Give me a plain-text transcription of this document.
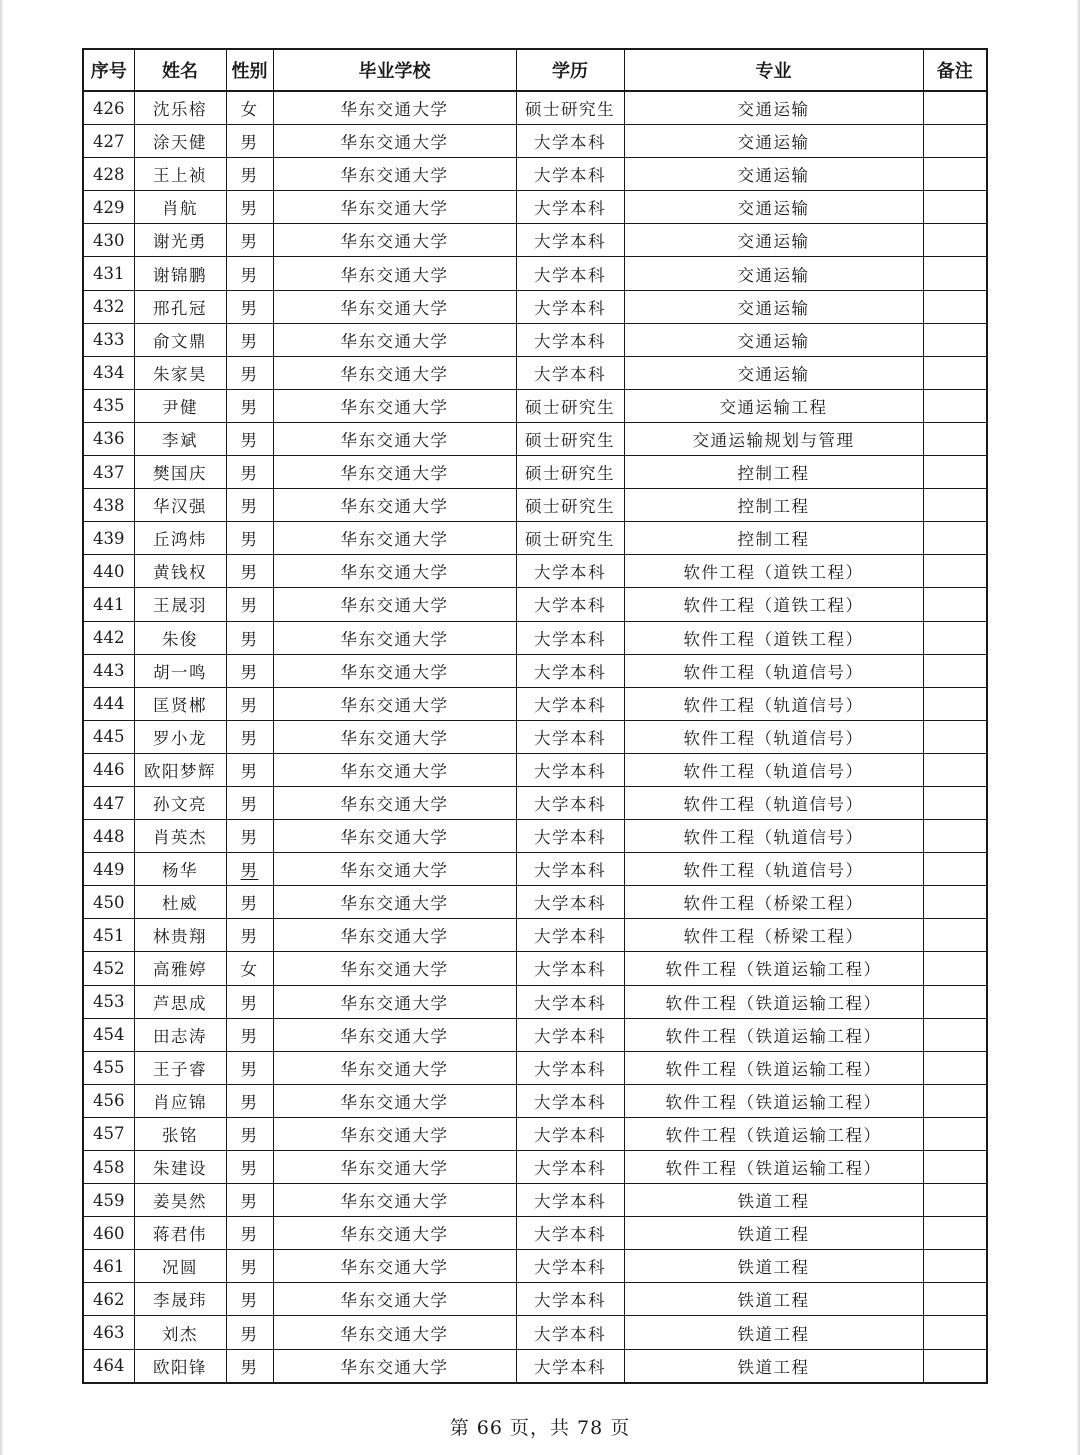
序号	姓名	性别	毕业学校	学历	专业	备注
426	沈乐榕	女	华东交通大学	硕士研究生	交通运输	
427	涂天健	男	华东交通大学	大学本科	交通运输	
428	王上祯	男	华东交通大学	大学本科	交通运输	
429	肖航	男	华东交通大学	大学本科	交通运输	
430	谢光勇	男	华东交通大学	大学本科	交通运输	
431	谢锦鹏	男	华东交通大学	大学本科	交通运输	
432	邢孔冠	男	华东交通大学	大学本科	交通运输	
433	俞文鼎	男	华东交通大学	大学本科	交通运输	
434	朱家昊	男	华东交通大学	大学本科	交通运输	
435	尹健	男	华东交通大学	硕士研究生	交通运输工程	
436	李斌	男	华东交通大学	硕士研究生	交通运输规划与管理	
437	樊国庆	男	华东交通大学	硕士研究生	控制工程	
438	华汉强	男	华东交通大学	硕士研究生	控制工程	
439	丘鸿炜	男	华东交通大学	硕士研究生	控制工程	
440	黄钱权	男	华东交通大学	大学本科	软件工程（道铁工程）	
441	王晟羽	男	华东交通大学	大学本科	软件工程（道铁工程）	
442	朱俊	男	华东交通大学	大学本科	软件工程（道铁工程）	
443	胡一鸣	男	华东交通大学	大学本科	软件工程（轨道信号）	
444	匡贤郴	男	华东交通大学	大学本科	软件工程（轨道信号）	
445	罗小龙	男	华东交通大学	大学本科	软件工程（轨道信号）	
446	欧阳梦辉	男	华东交通大学	大学本科	软件工程（轨道信号）	
447	孙文亮	男	华东交通大学	大学本科	软件工程（轨道信号）	
448	肖英杰	男	华东交通大学	大学本科	软件工程（轨道信号）	
449	杨华	男	华东交通大学	大学本科	软件工程（轨道信号）	
450	杜威	男	华东交通大学	大学本科	软件工程（桥梁工程）	
451	林贵翔	男	华东交通大学	大学本科	软件工程（桥梁工程）	
452	高雅婷	女	华东交通大学	大学本科	软件工程（铁道运输工程）	
453	芦思成	男	华东交通大学	大学本科	软件工程（铁道运输工程）	
454	田志涛	男	华东交通大学	大学本科	软件工程（铁道运输工程）	
455	王子睿	男	华东交通大学	大学本科	软件工程（铁道运输工程）	
456	肖应锦	男	华东交通大学	大学本科	软件工程（铁道运输工程）	
457	张铭	男	华东交通大学	大学本科	软件工程（铁道运输工程）	
458	朱建设	男	华东交通大学	大学本科	软件工程（铁道运输工程）	
459	姜昊然	男	华东交通大学	大学本科	铁道工程	
460	蒋君伟	男	华东交通大学	大学本科	铁道工程	
461	况圆	男	华东交通大学	大学本科	铁道工程	
462	李晟玮	男	华东交通大学	大学本科	铁道工程	
463	刘杰	男	华东交通大学	大学本科	铁道工程	
464	欧阳锋	男	华东交通大学	大学本科	铁道工程	
第 66 页，共 78 页
